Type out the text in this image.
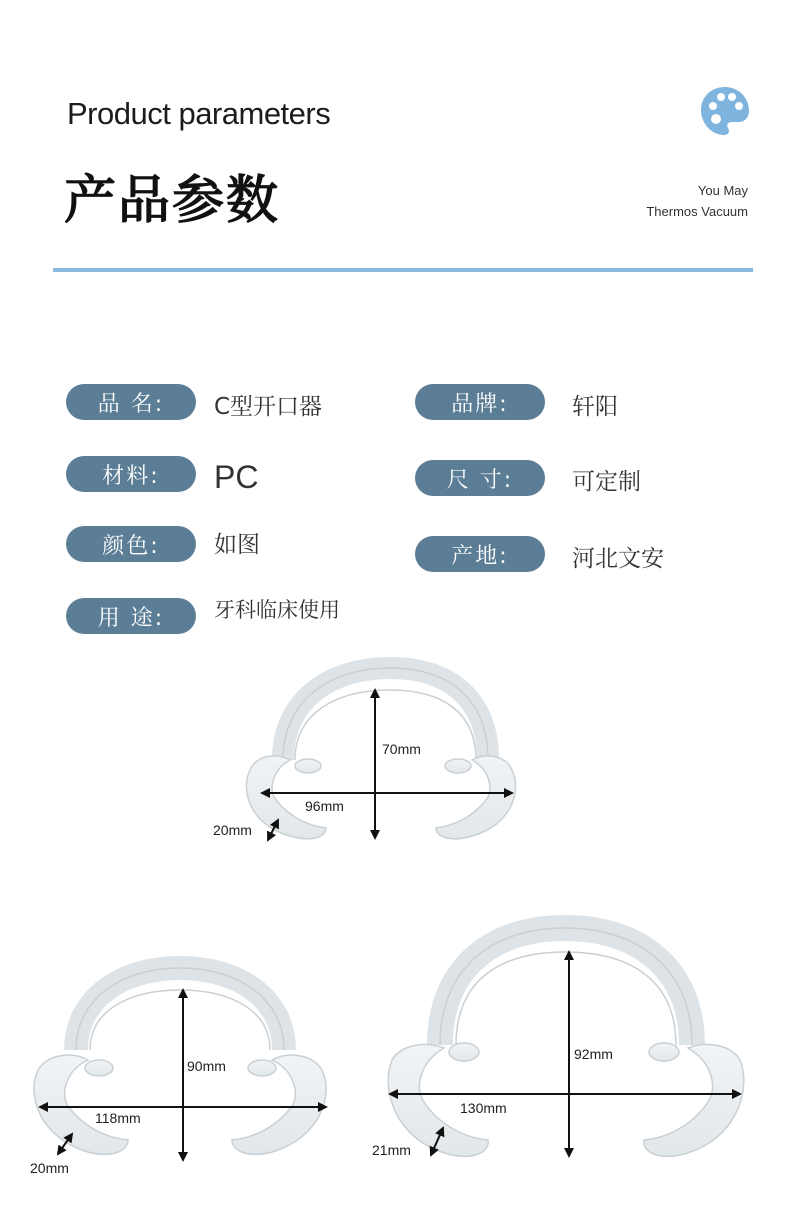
Product parameters
产品参数	You May
Thermos Vacuum
品 名:	C型开口器	品牌:	轩阳
材料:	PC	尺 寸:	可定制
颜色:	如图	产地:	河北文安
用 途:	牙科临床使用
70mm
96mm
20mm
90mm
118mm
20mm
92mm
130mm
21mm
